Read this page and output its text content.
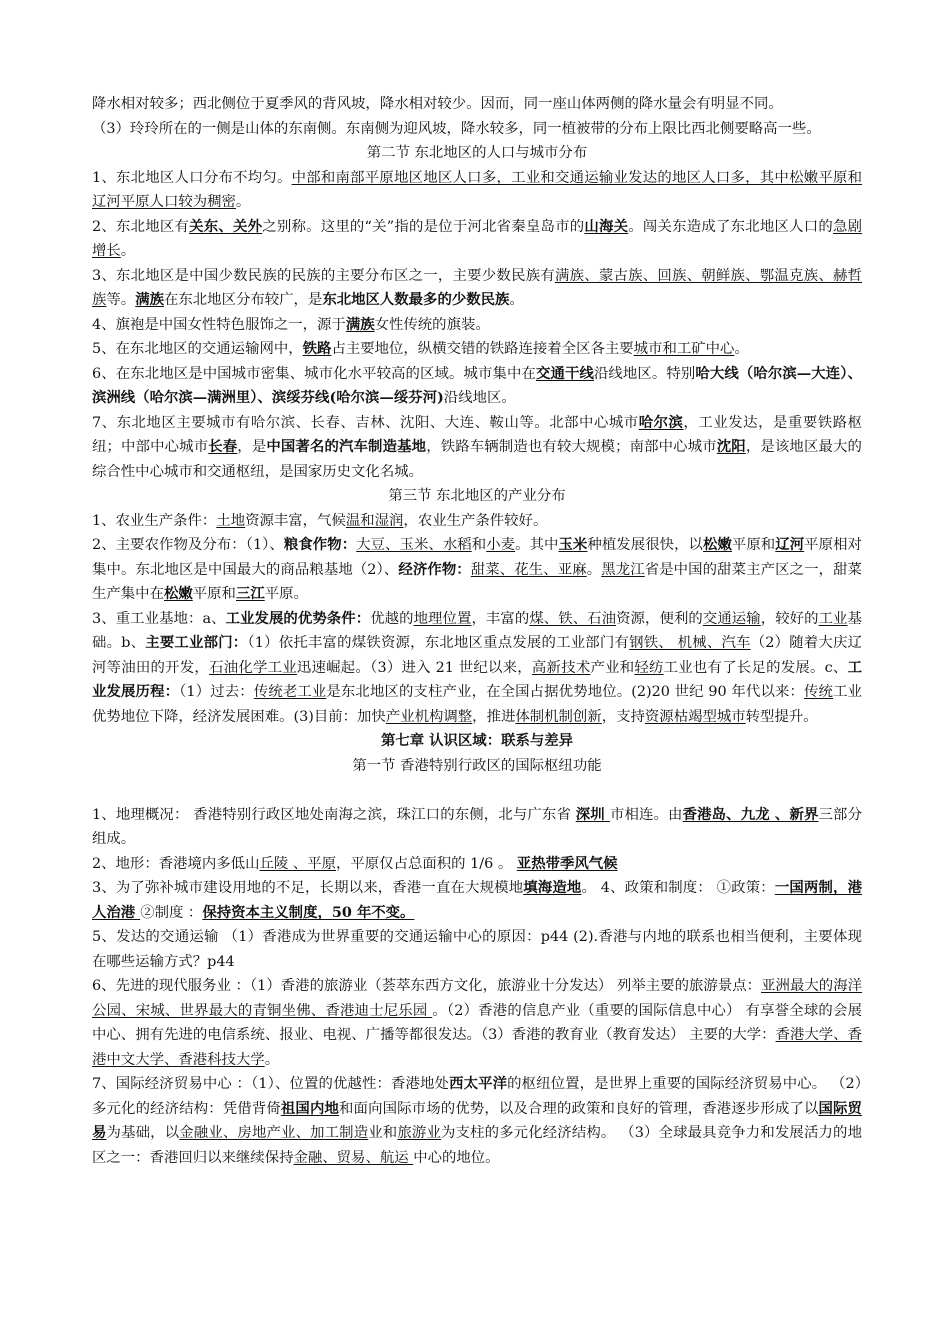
降水相对较多；西北侧位于夏季风的背风坡，降水相对较少。因而，同一座山体两侧的降水量会有明显不同。

（3）玲玲所在的一侧是山体的东南侧。东南侧为迎风坡，降水较多，同一植被带的分布上限比西北侧要略高一些。

第二节 东北地区的人口与城市分布

1、东北地区人口分布不均匀。中部和南部平原地区地区人口多，工业和交通运输业发达的地区人口多，其中松嫩平原和辽河平原人口较为稠密。

2、东北地区有关东、关外之别称。这里的“关”指的是位于河北省秦皇岛市的山海关。闯关东造成了东北地区人口的急剧增长。

3、东北地区是中国少数民族的民族的主要分布区之一，主要少数民族有满族、蒙古族、回族、朝鲜族、鄂温克族、赫哲族等。满族在东北地区分布较广，是东北地区人数最多的少数民族。

4、旗袍是中国女性特色服饰之一，源于满族女性传统的旗装。

5、在东北地区的交通运输网中，铁路占主要地位，纵横交错的铁路连接着全区各主要城市和工矿中心。

6、在东北地区是中国城市密集、城市化水平较高的区域。城市集中在交通干线沿线地区。特别哈大线（哈尔滨—大连）、滨洲线（哈尔滨—满洲里）、滨绥芬线(哈尔滨—绥芬河)沿线地区。

7、东北地区主要城市有哈尔滨、长春、吉林、沈阳、大连、鞍山等。北部中心城市哈尔滨，工业发达，是重要铁路枢纽；中部中心城市长春，是中国著名的汽车制造基地，铁路车辆制造也有较大规模；南部中心城市沈阳，是该地区最大的综合性中心城市和交通枢纽，是国家历史文化名城。

第三节 东北地区的产业分布

1、农业生产条件：土地资源丰富，气候温和湿润，农业生产条件较好。

2、主要农作物及分布：（1）、粮食作物：大豆、玉米、水稻和小麦。其中玉米种植发展很快，以松嫩平原和辽河平原相对集中。东北地区是中国最大的商品粮基地（2）、经济作物：甜菜、花生、亚麻。黑龙江省是中国的甜菜主产区之一，甜菜生产集中在松嫩平原和三江平原。

3、重工业基地：a、工业发展的优势条件：优越的地理位置，丰富的煤、铁、石油资源，便利的交通运输，较好的工业基础。b、主要工业部门：（1）依托丰富的煤铁资源，东北地区重点发展的工业部门有钢铁、 机械、汽车（2）随着大庆辽河等油田的开发，石油化学工业迅速崛起。（3）进入 21 世纪以来，高新技术产业和轻纺工业也有了长足的发展。c、工业发展历程：（1）过去：传统老工业是东北地区的支柱产业，在全国占据优势地位。(2)20 世纪 90 年代以来：传统工业优势地位下降，经济发展困难。(3)目前：加快产业机构调整，推进体制机制创新，支持资源枯竭型城市转型提升。

第七章 认识区域：联系与差异

第一节 香港特别行政区的国际枢纽功能

1、地理概况： 香港特别行政区地处南海之滨，珠江口的东侧，北与广东省 深圳 市相连。由香港岛、九龙 、新界三部分组成。

2、地形：香港境内多低山丘陵 、平原，平原仅占总面积的 1/6 。 亚热带季风气候

3、为了弥补城市建设用地的不足，长期以来，香港一直在大规模地填海造地。 4、政策和制度： ①政策：一国两制，港人治港 ②制度 ：保持资本主义制度，50 年不变。

5、发达的交通运输 （1）香港成为世界重要的交通运输中心的原因：p44 (2).香港与内地的联系也相当便利，主要体现在哪些运输方式？p44

6、先进的现代服务业 ：（1）香港的旅游业（荟萃东西方文化，旅游业十分发达） 列举主要的旅游景点：亚洲最大的海洋公园、宋城、世界最大的青铜坐佛、香港迪士尼乐园 。（2）香港的信息产业（重要的国际信息中心） 有享誉全球的会展中心、拥有先进的电信系统、报业、电视、广播等都很发达。（3）香港的教育业（教育发达） 主要的大学：香港大学、香港中文大学、香港科技大学。

7、国际经济贸易中心 ：（1）、位置的优越性：香港地处西太平洋的枢纽位置，是世界上重要的国际经济贸易中心。 （2）多元化的经济结构：凭借背倚祖国内地和面向国际市场的优势，以及合理的政策和良好的管理，香港逐步形成了以国际贸易为基础，以金融业、房地产业、加工制造业和旅游业为支柱的多元化经济结构。 （3）全球最具竞争力和发展活力的地区之一：香港回归以来继续保持金融、贸易、航运 中心的地位。
